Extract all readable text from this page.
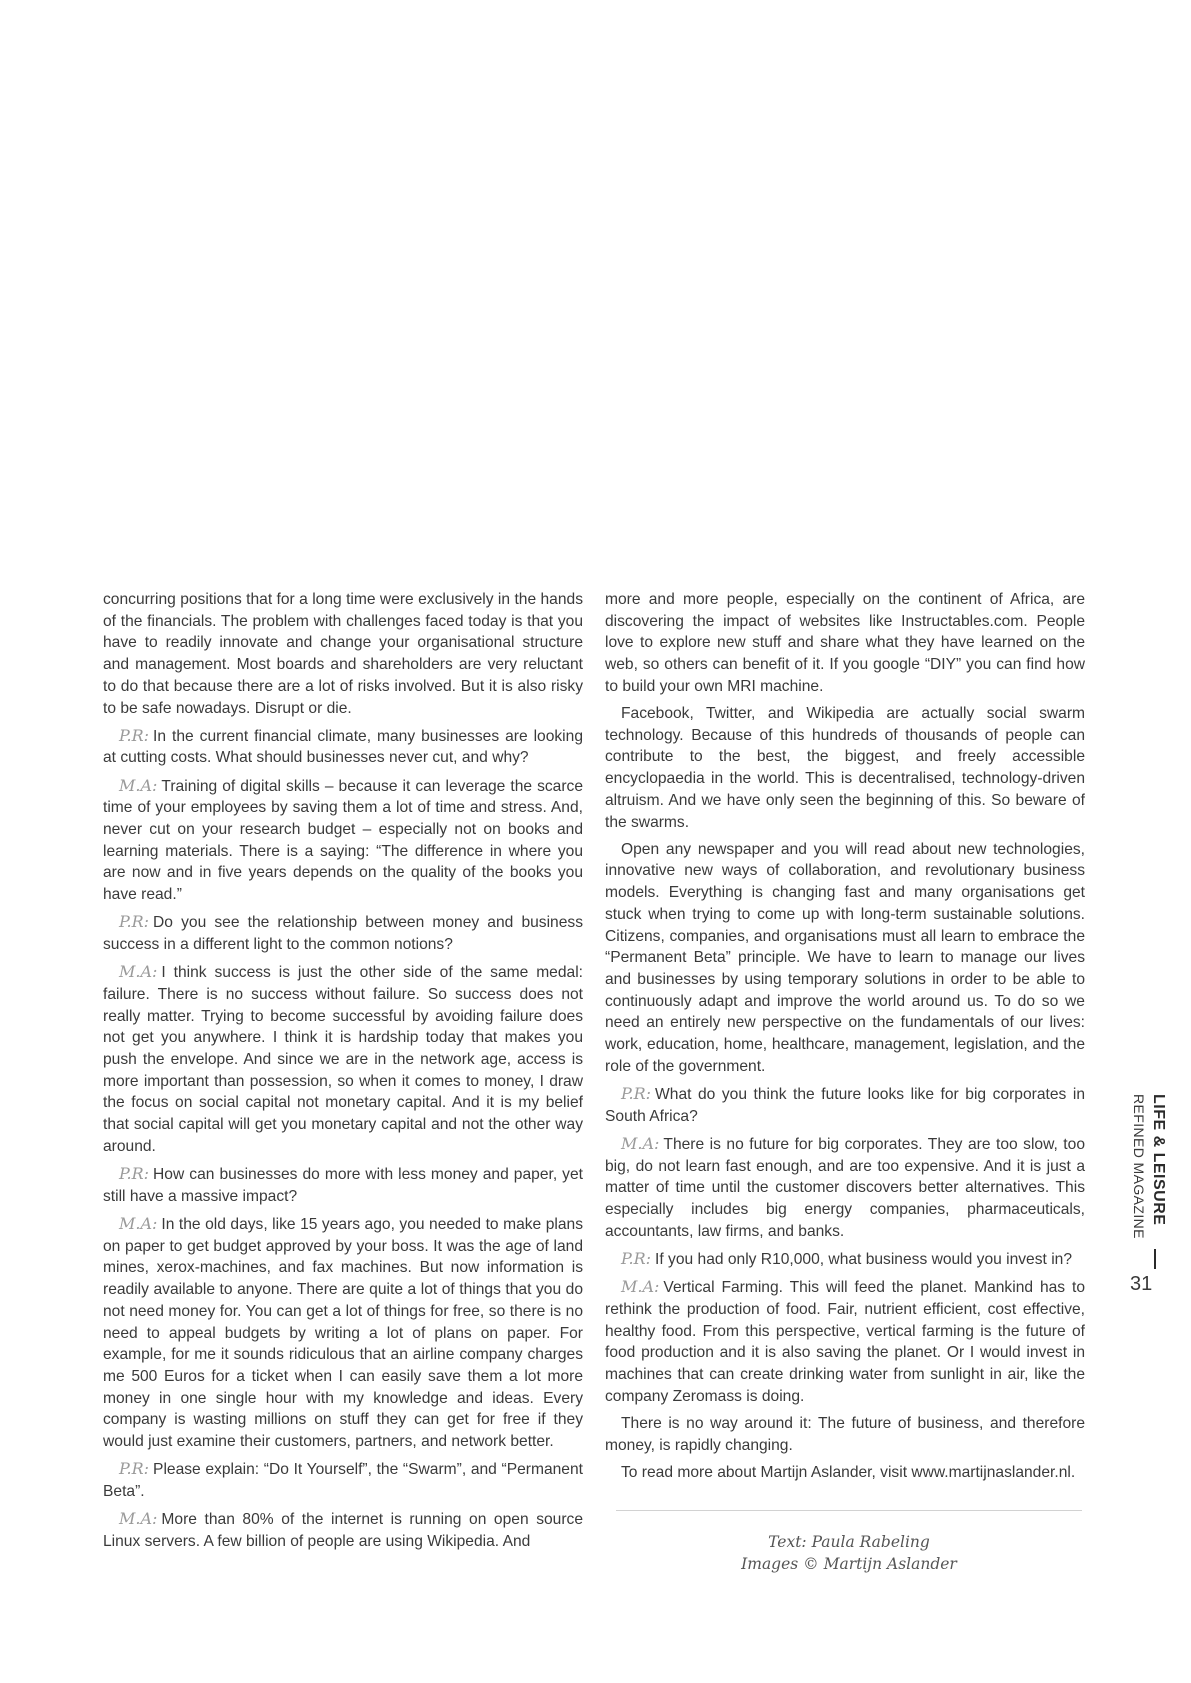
concurring positions that for a long time were exclusively in the hands of the financials. The problem with challenges faced today is that you have to readily innovate and change your organisational structure and management. Most boards and shareholders are very reluctant to do that because there are a lot of risks involved. But it is also risky to be safe nowadays. Disrupt or die.

P.R: In the current financial climate, many businesses are looking at cutting costs. What should businesses never cut, and why?

M.A: Training of digital skills – because it can leverage the scarce time of your employees by saving them a lot of time and stress. And, never cut on your research budget – especially not on books and learning materials. There is a saying: “The difference in where you are now and in five years depends on the quality of the books you have read.”

P.R: Do you see the relationship between money and business success in a different light to the common notions?

M.A: I think success is just the other side of the same medal: failure. There is no success without failure. So success does not really matter. Trying to become successful by avoiding failure does not get you anywhere. I think it is hardship today that makes you push the envelope. And since we are in the network age, access is more important than possession, so when it comes to money, I draw the focus on social capital not monetary capital. And it is my belief that social capital will get you monetary capital and not the other way around.

P.R: How can businesses do more with less money and paper, yet still have a massive impact?

M.A: In the old days, like 15 years ago, you needed to make plans on paper to get budget approved by your boss. It was the age of land mines, xerox-machines, and fax machines. But now information is readily available to anyone. There are quite a lot of things that you do not need money for. You can get a lot of things for free, so there is no need to appeal budgets by writing a lot of plans on paper. For example, for me it sounds ridiculous that an airline company charges me 500 Euros for a ticket when I can easily save them a lot more money in one single hour with my knowledge and ideas. Every company is wasting millions on stuff they can get for free if they would just examine their customers, partners, and network better.

P.R: Please explain: “Do It Yourself”, the “Swarm”, and “Permanent Beta”.

M.A: More than 80% of the internet is running on open source Linux servers. A few billion of people are using Wikipedia. And

more and more people, especially on the continent of Africa, are discovering the impact of websites like Instructables.com. People love to explore new stuff and share what they have learned on the web, so others can benefit of it. If you google “DIY” you can find how to build your own MRI machine.

Facebook, Twitter, and Wikipedia are actually social swarm technology. Because of this hundreds of thousands of people can contribute to the best, the biggest, and freely accessible encyclopaedia in the world. This is decentralised, technology-driven altruism. And we have only seen the beginning of this. So beware of the swarms.

Open any newspaper and you will read about new technologies, innovative new ways of collaboration, and revolutionary business models. Everything is changing fast and many organisations get stuck when trying to come up with long-term sustainable solutions. Citizens, companies, and organisations must all learn to embrace the “Permanent Beta” principle. We have to learn to manage our lives and businesses by using temporary solutions in order to be able to continuously adapt and improve the world around us. To do so we need an entirely new perspective on the fundamentals of our lives: work, education, home, healthcare, management, legislation, and the role of the government.

P.R: What do you think the future looks like for big corporates in South Africa?

M.A: There is no future for big corporates. They are too slow, too big, do not learn fast enough, and are too expensive. And it is just a matter of time until the customer discovers better alternatives. This especially includes big energy companies, pharmaceuticals, accountants, law firms, and banks.

P.R: If you had only R10,000, what business would you invest in?

M.A: Vertical Farming. This will feed the planet. Mankind has to rethink the production of food. Fair, nutrient efficient, cost effective, healthy food. From this perspective, vertical farming is the future of food production and it is also saving the planet. Or I would invest in machines that can create drinking water from sunlight in air, like the company Zeromass is doing.

There is no way around it: The future of business, and therefore money, is rapidly changing.

To read more about Martijn Aslander, visit www.martijnaslander.nl.

Text: Paula Rabeling
Images © Martijn Aslander
LIFE & LEISURE
REFINED MAGAZINE
31
